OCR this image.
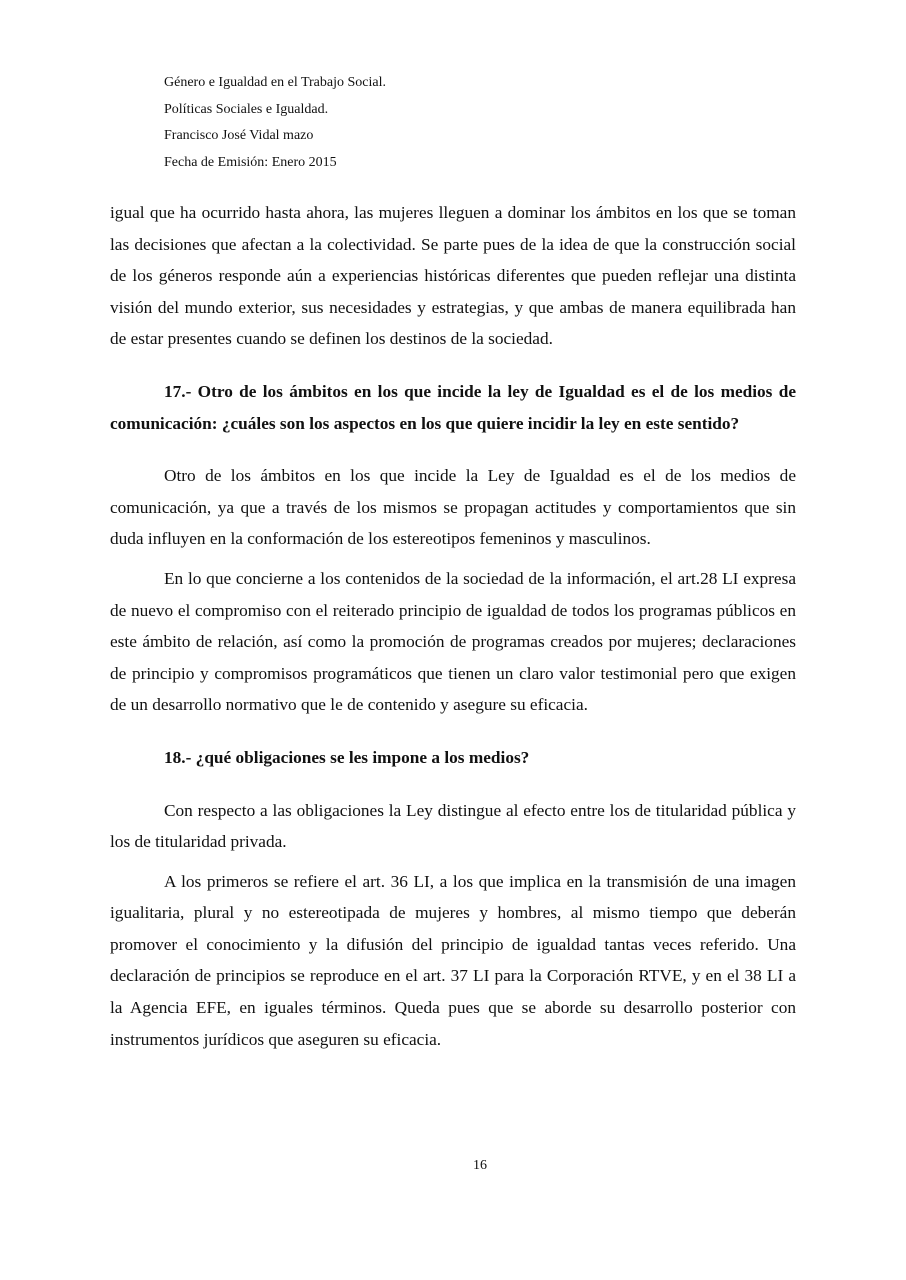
Género e Igualdad en el Trabajo Social.
Políticas Sociales e Igualdad.
Francisco José Vidal mazo
Fecha de Emisión: Enero 2015

igual que ha ocurrido hasta ahora, las mujeres lleguen a dominar los ámbitos en los que se toman las decisiones que afectan a la colectividad. Se parte pues de la idea de que la construcción social de los géneros responde aún a experiencias históricas diferentes que pueden reflejar una distinta visión del mundo exterior, sus necesidades y estrategias, y que ambas de manera equilibrada han de estar presentes cuando se definen los destinos de la sociedad.

17.- Otro de los ámbitos en los que incide la ley de Igualdad es el de los medios de comunicación: ¿cuáles son los aspectos en los que quiere incidir la ley en este sentido?

Otro de los ámbitos en los que incide la Ley de Igualdad es el de los medios de comunicación, ya que a través de los mismos se propagan actitudes y comportamientos que sin duda influyen en la conformación de los estereotipos femeninos y masculinos.

En lo que concierne a los contenidos de la sociedad de la información, el art.28 LI expresa de nuevo el compromiso con el reiterado principio de igualdad de todos los programas públicos en este ámbito de relación, así como la promoción de programas creados por mujeres; declaraciones de principio y compromisos programáticos que tienen un claro valor testimonial pero que exigen de un desarrollo normativo que le de contenido y asegure su eficacia.

18.- ¿qué obligaciones se les impone a los medios?

Con respecto a las obligaciones la Ley distingue al efecto entre los de titularidad pública y los de titularidad privada.

A los primeros se refiere el art. 36 LI, a los que implica en la transmisión de una imagen igualitaria, plural y no estereotipada de mujeres y hombres, al mismo tiempo que deberán promover el conocimiento y la difusión del principio de igualdad tantas veces referido. Una declaración de principios se reproduce en el art. 37 LI para la Corporación RTVE, y en el 38 LI a la Agencia EFE, en iguales términos. Queda pues que se aborde su desarrollo posterior con instrumentos jurídicos que aseguren su eficacia.

16
